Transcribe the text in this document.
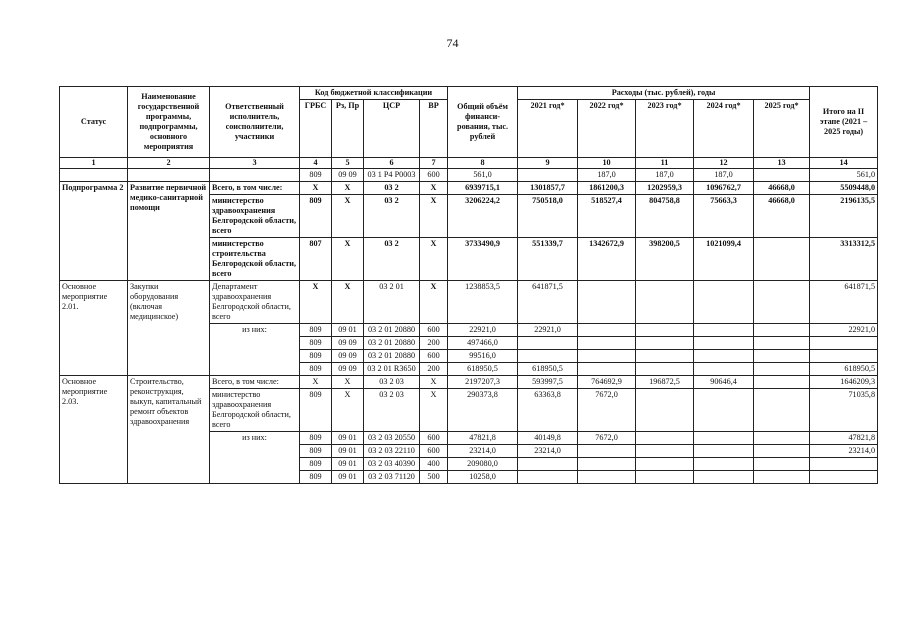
74
Статус	Наименование государственной программы, подпрограммы, основного мероприятия	Ответственный исполнитель, соисполнители, участники	Код бюджетной классификации				Общий объём финанси-рования, тыс. рублей	Расходы (тыс. рублей), годы					Итого на II этапе (2021 – 2025 годы)
			ГРБС	Рз, Пр	ЦСР	ВР		2021 год*	2022 год*	2023 год*	2024 год*	2025 год*	
1	2	3	4	5	6	7	8	9	10	11	12	13	14
			809	09 09	03 1 Р4 Р0003	600	561,0		187,0	187,0	187,0		561,0
Подпрограмма 2	Развитие первичной медико-санитарной помощи	Всего, в том числе:	X	X	03 2	X	6939715,1	1301857,7	1861200,3	1202959,3	1096762,7	46668,0	5509448,0
		министерство здравоохранения Белгородской области, всего	809	X	03 2	X	3206224,2	750518,0	518527,4	804758,8	75663,3	46668,0	2196135,5
		министерство строительства Белгородской области, всего	807	X	03 2	X	3733490,9	551339,7	1342672,9	398200,5	1021099,4		3313312,5
Основное мероприятие 2.01.	Закупки оборудования (включая медицинское)	Департамент здравоохранения Белгородской области, всего	X	X	03 2 01	X	1238853,5	641871,5					641871,5
		из них:	809	09 01	03 2 01 20880	600	22921,0	22921,0					22921,0
			809	09 09	03 2 01 20880	200	497466,0						
			809	09 09	03 2 01 20880	600	99516,0						
			809	09 09	03 2 01 R3650	200	618950,5	618950,5					618950,5
Основное мероприятие 2.03.	Строительство, реконструкция, выкуп, капитальный ремонт объектов здравоохранения	Всего, в том числе:	X	X	03 2 03	X	2197207,3	593997,5	764692,9	196872,5	90646,4		1646209,3
		министерство здравоохранения Белгородской области, всего	809	X	03 2 03	X	290373,8	63363,8	7672,0				71035,8
		из них:	809	09 01	03 2 03 20550	600	47821,8	40149,8	7672,0				47821,8
			809	09 01	03 2 03 22110	600	23214,0	23214,0					23214,0
			809	09 01	03 2 03 40390	400	209080,0						
			809	09 01	03 2 03 71120	500	10258,0						
